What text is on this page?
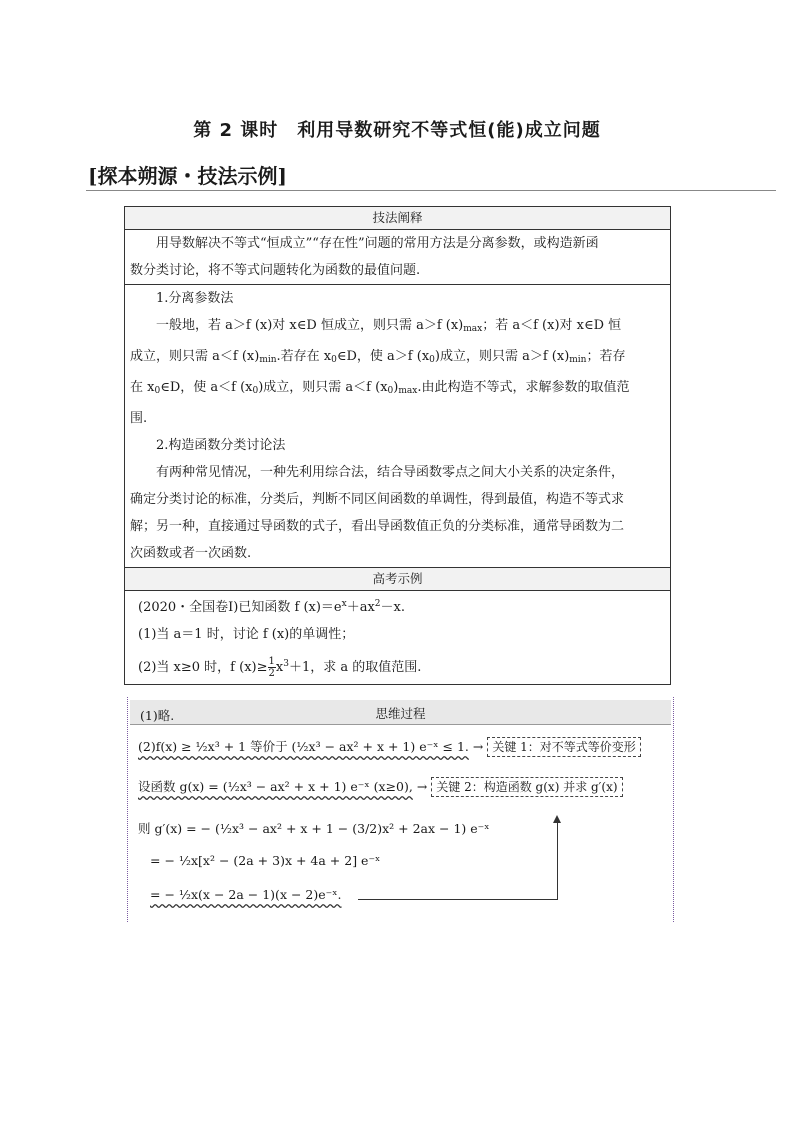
第 2 课时　利用导数研究不等式恒(能)成立问题
[探本朔源・技法示例]
技法阐释
用导数解决不等式“恒成立”“存在性”问题的常用方法是分离参数，或构造新函
数分类讨论，将不等式问题转化为函数的最值问题.
1.分离参数法
一般地，若 a＞f (x)对 x∈D 恒成立，则只需 a＞f $(x)_{max}$；若 a＜f (x)对 x∈D 恒
成立，则只需 a＜f $(x)_{min}$.若存在 $x_0\in D$，使 a＞f $(x_0)$成立，则只需 a＞f $(x)_{min}$；若存
在 $x_0\in D$，使 a＜f $(x_0)$成立，则只需 a＜f $(x_0)_{max}$.由此构造不等式，求解参数的取值范
围.
2.构造函数分类讨论法
有两种常见情况，一种先利用综合法，结合导函数零点之间大小关系的决定条件，
确定分类讨论的标准，分类后，判断不同区间函数的单调性，得到最值，构造不等式求
解；另一种，直接通过导函数的式子，看出导函数值正负的分类标准，通常导函数为二
次函数或者一次函数.
高考示例
(2020・全国卷Ⅰ)已知函数 f $(x)=e^x+ax^2-x$.
(1)当 a＝1 时，讨论 f (x)的单调性；
(2)当 x≥0 时，f $(x)\ge \frac{1}{2} x^3+1$，求 a 的取值范围.
(1)略.	思维过程
(2)f(x) ≥ ½x³ + 1 等价于 (½x³ − ax² + x + 1) e⁻ˣ ≤ 1. → 关键 1：对不等式等价变形
设函数 g(x) = (½x³ − ax² + x + 1) e⁻ˣ (x≥0), → 关键 2：构造函数 g(x) 并求 g′(x)
则 g′(x) = − (½x³ − ax² + x + 1 − (3/2)x² + 2ax − 1) e⁻ˣ
= − ½x[x² − (2a + 3)x + 4a + 2] e⁻ˣ
= − ½x(x − 2a − 1)(x − 2)e⁻ˣ.
